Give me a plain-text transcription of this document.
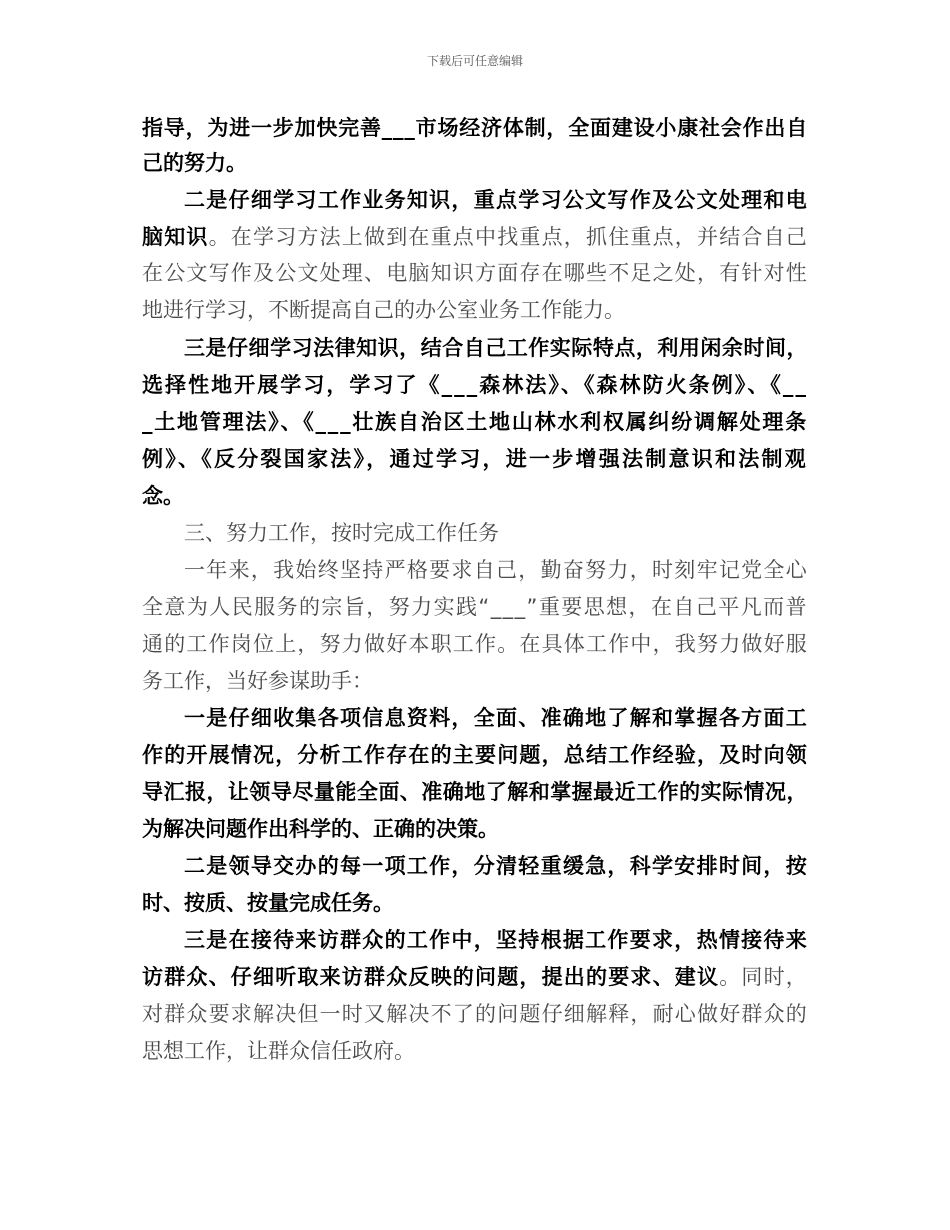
下载后可任意编辑
指导，为进一步加快完善___市场经济体制，全面建设小康社会作出自
己的努力。
二是仔细学习工作业务知识，重点学习公文写作及公文处理和电
脑知识。在学习方法上做到在重点中找重点，抓住重点，并结合自己
在公文写作及公文处理、电脑知识方面存在哪些不足之处，有针对性
地进行学习，不断提高自己的办公室业务工作能力。
三是仔细学习法律知识，结合自己工作实际特点，利用闲余时间，
选择性地开展学习，学习了《___森林法》、《森林防火条例》、《__
_土地管理法》、《___壮族自治区土地山林水利权属纠纷调解处理条
例》、《反分裂国家法》，通过学习，进一步增强法制意识和法制观
念。
三、努力工作，按时完成工作任务
一年来，我始终坚持严格要求自己，勤奋努力，时刻牢记党全心
全意为人民服务的宗旨，努力实践“___”重要思想，在自己平凡而普
通的工作岗位上，努力做好本职工作。在具体工作中，我努力做好服
务工作，当好参谋助手：
一是仔细收集各项信息资料，全面、准确地了解和掌握各方面工
作的开展情况，分析工作存在的主要问题，总结工作经验，及时向领
导汇报，让领导尽量能全面、准确地了解和掌握最近工作的实际情况，
为解决问题作出科学的、正确的决策。
二是领导交办的每一项工作，分清轻重缓急，科学安排时间，按
时、按质、按量完成任务。
三是在接待来访群众的工作中，坚持根据工作要求，热情接待来
访群众、仔细听取来访群众反映的问题，提出的要求、建议。同时，
对群众要求解决但一时又解决不了的问题仔细解释，耐心做好群众的
思想工作，让群众信任政府。
